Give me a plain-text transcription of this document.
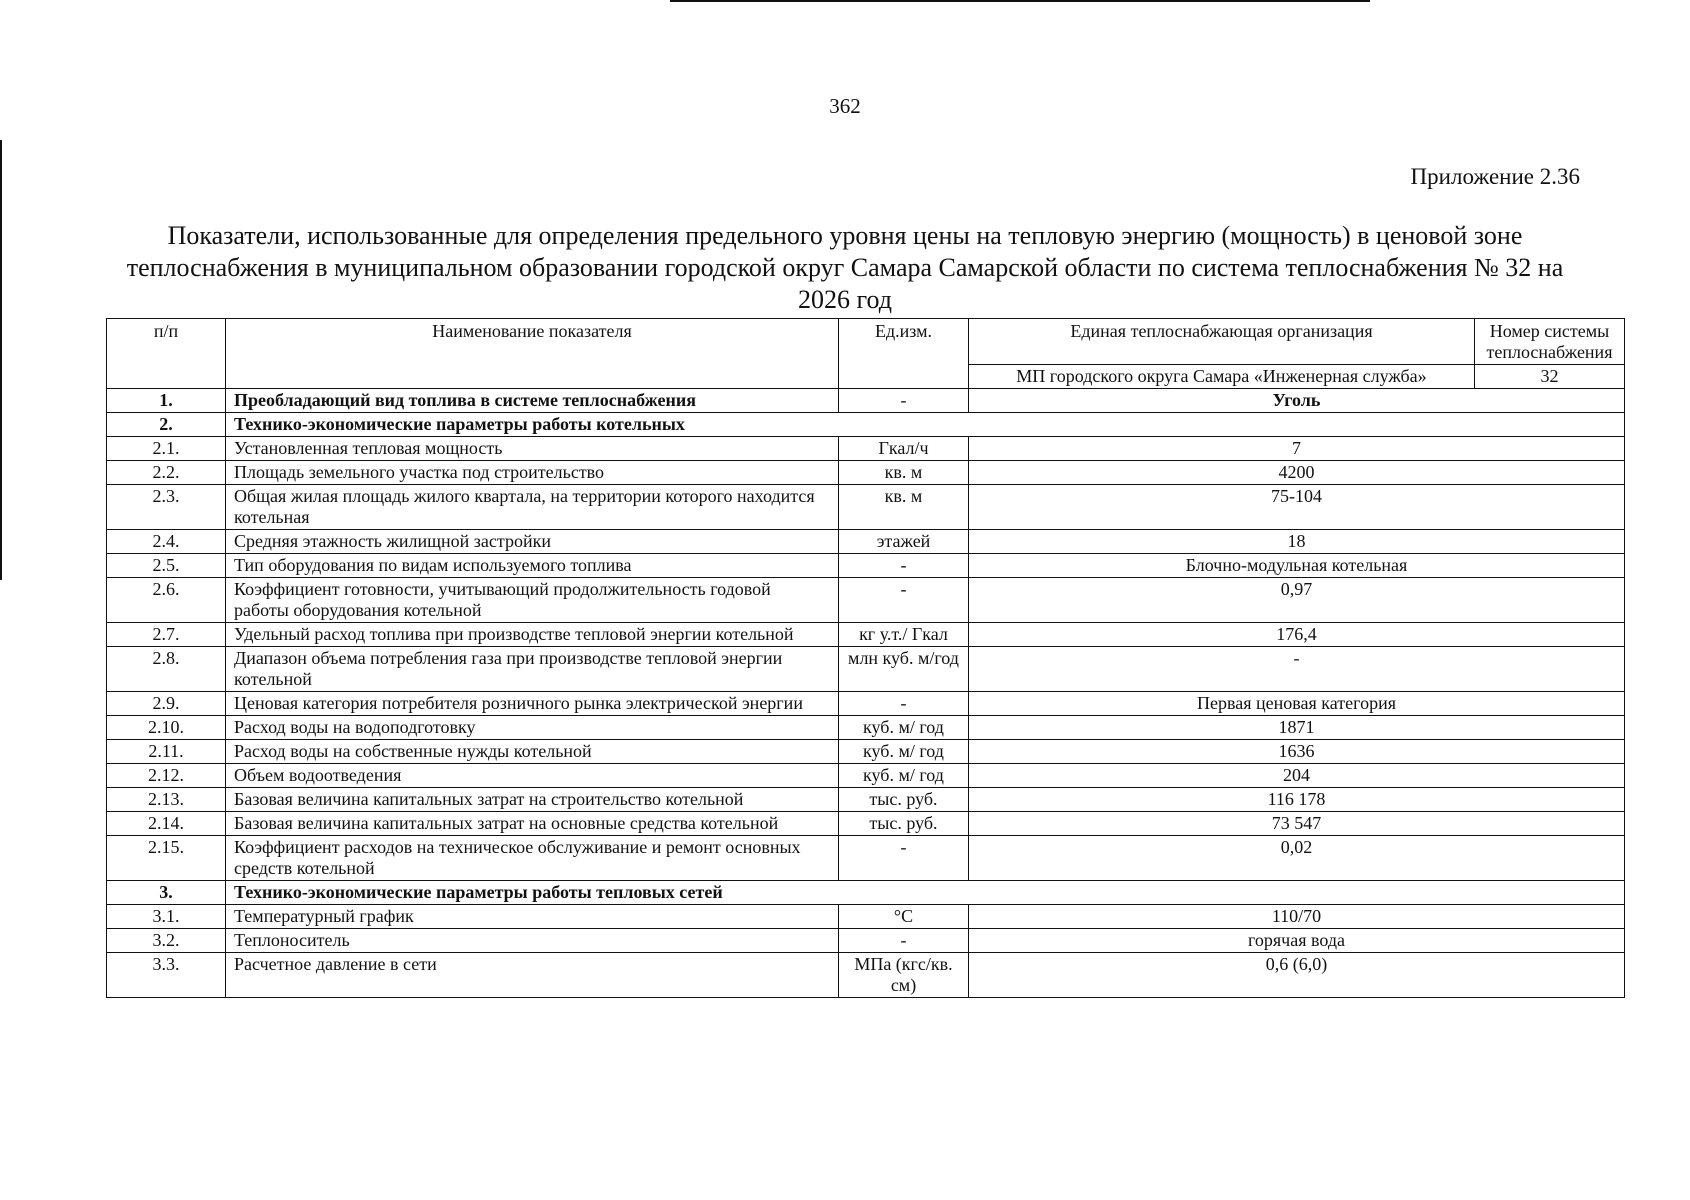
362
Приложение 2.36
Показатели, использованные для определения предельного уровня цены на тепловую энергию (мощность) в ценовой зоне теплоснабжения в муниципальном образовании городской округ Самара Самарской области по система теплоснабжения № 32 на 2026 год
п/п	Наименование показателя	Ед.изм.	Единая теплоснабжающая организация	Номер системы теплоснабжения
			МП городского округа Самара «Инженерная служба»	32
1.	Преобладающий вид топлива в системе теплоснабжения	-	Уголь	
2.	Технико-экономические параметры работы котельных			
2.1.	Установленная тепловая мощность	Гкал/ч	7	
2.2.	Площадь земельного участка под строительство	кв. м	4200	
2.3.	Общая жилая площадь жилого квартала, на территории которого находится котельная	кв. м	75-104	
2.4.	Средняя этажность жилищной застройки	этажей	18	
2.5.	Тип оборудования по видам используемого топлива	-	Блочно-модульная котельная	
2.6.	Коэффициент готовности, учитывающий продолжительность годовой работы оборудования котельной	-	0,97	
2.7.	Удельный расход топлива при производстве тепловой энергии котельной	кг у.т./ Гкал	176,4	
2.8.	Диапазон объема потребления газа при производстве тепловой энергии котельной	млн куб. м/год	-	
2.9.	Ценовая категория потребителя розничного рынка электрической энергии	-	Первая ценовая категория	
2.10.	Расход воды на водоподготовку	куб. м/ год	1871	
2.11.	Расход воды на собственные нужды котельной	куб. м/ год	1636	
2.12.	Объем водоотведения	куб. м/ год	204	
2.13.	Базовая величина капитальных затрат на строительство котельной	тыс. руб.	116 178	
2.14.	Базовая величина капитальных затрат на основные средства котельной	тыс. руб.	73 547	
2.15.	Коэффициент расходов на техническое обслуживание и ремонт основных средств котельной	-	0,02	
3.	Технико-экономические параметры работы тепловых сетей			
3.1.	Температурный график	°С	110/70	
3.2.	Теплоноситель	-	горячая вода	
3.3.	Расчетное давление в сети	МПа (кгс/кв. см)	0,6 (6,0)	
